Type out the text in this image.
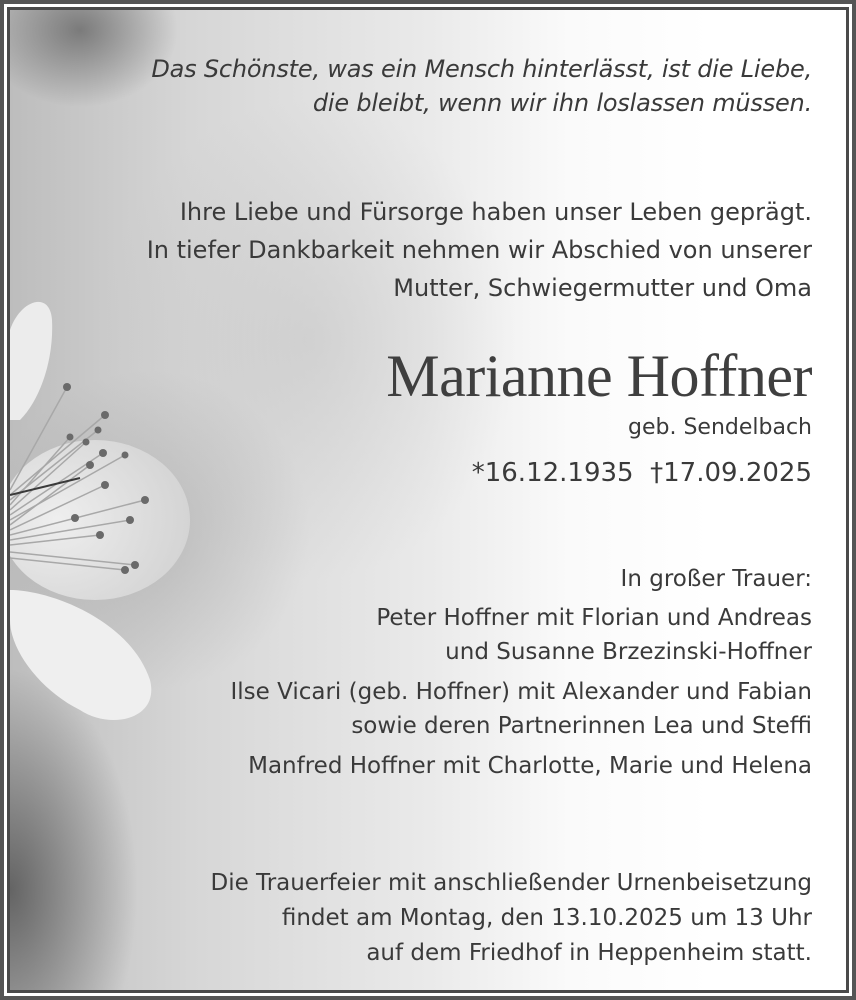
Das Schönste, was ein Mensch hinterlässt, ist die Liebe,
die bleibt, wenn wir ihn loslassen müssen.
Ihre Liebe und Fürsorge haben unser Leben geprägt.
In tiefer Dankbarkeit nehmen wir Abschied von unserer
Mutter, Schwiegermutter und Oma
Marianne Hoffner
geb. Sendelbach
*16.12.1935 †17.09.2025
In großer Trauer:
Peter Hoffner mit Florian und Andreas
und Susanne Brzezinski-Hoffner
Ilse Vicari (geb. Hoffner) mit Alexander und Fabian
sowie deren Partnerinnen Lea und Steffi
Manfred Hoffner mit Charlotte, Marie und Helena
Die Trauerfeier mit anschließender Urnenbeisetzung
findet am Montag, den 13.10.2025 um 13 Uhr
auf dem Friedhof in Heppenheim statt.
